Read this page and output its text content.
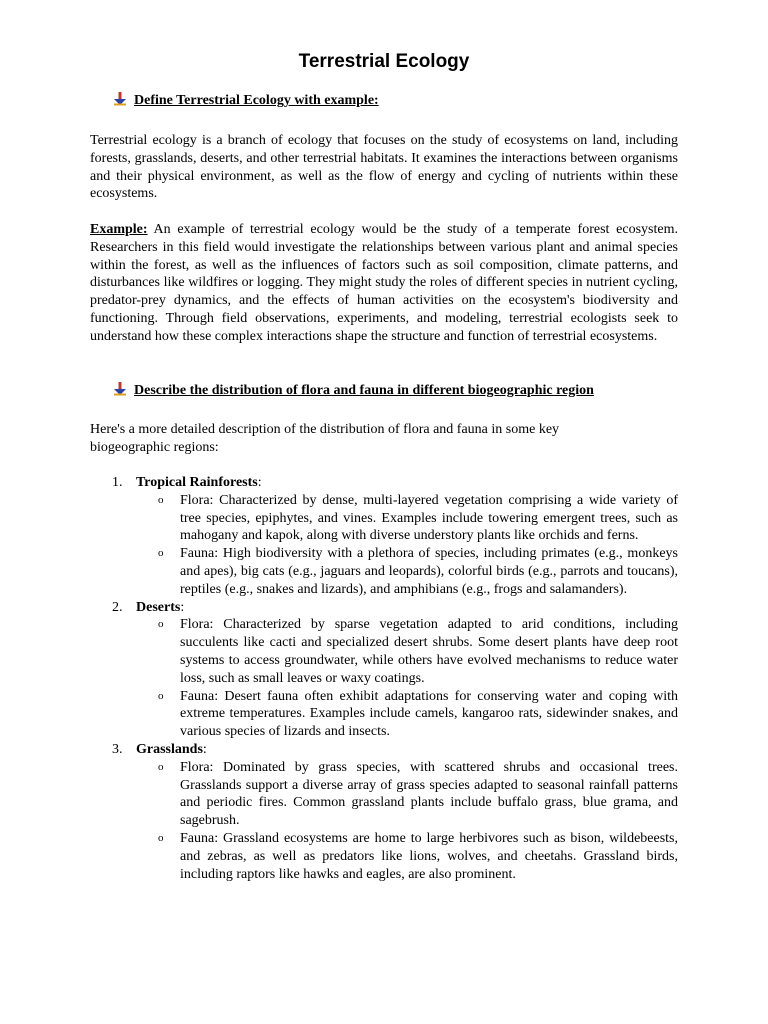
Terrestrial Ecology
Define Terrestrial Ecology with example:
Terrestrial ecology is a branch of ecology that focuses on the study of ecosystems on land, including forests, grasslands, deserts, and other terrestrial habitats. It examines the interactions between organisms and their physical environment, as well as the flow of energy and cycling of nutrients within these ecosystems.
Example: An example of terrestrial ecology would be the study of a temperate forest ecosystem. Researchers in this field would investigate the relationships between various plant and animal species within the forest, as well as the influences of factors such as soil composition, climate patterns, and disturbances like wildfires or logging. They might study the roles of different species in nutrient cycling, predator-prey dynamics, and the effects of human activities on the ecosystem's biodiversity and functioning. Through field observations, experiments, and modeling, terrestrial ecologists seek to understand how these complex interactions shape the structure and function of terrestrial ecosystems.
Describe the distribution of flora and fauna in different biogeographic region
Here's a more detailed description of the distribution of flora and fauna in some key biogeographic regions:
1. Tropical Rainforests:
o Flora: Characterized by dense, multi-layered vegetation comprising a wide variety of tree species, epiphytes, and vines. Examples include towering emergent trees, such as mahogany and kapok, along with diverse understory plants like orchids and ferns.
o Fauna: High biodiversity with a plethora of species, including primates (e.g., monkeys and apes), big cats (e.g., jaguars and leopards), colorful birds (e.g., parrots and toucans), reptiles (e.g., snakes and lizards), and amphibians (e.g., frogs and salamanders).
2. Deserts:
o Flora: Characterized by sparse vegetation adapted to arid conditions, including succulents like cacti and specialized desert shrubs. Some desert plants have deep root systems to access groundwater, while others have evolved mechanisms to reduce water loss, such as small leaves or waxy coatings.
o Fauna: Desert fauna often exhibit adaptations for conserving water and coping with extreme temperatures. Examples include camels, kangaroo rats, sidewinder snakes, and various species of lizards and insects.
3. Grasslands:
o Flora: Dominated by grass species, with scattered shrubs and occasional trees. Grasslands support a diverse array of grass species adapted to seasonal rainfall patterns and periodic fires. Common grassland plants include buffalo grass, blue grama, and sagebrush.
o Fauna: Grassland ecosystems are home to large herbivores such as bison, wildebeests, and zebras, as well as predators like lions, wolves, and cheetahs. Grassland birds, including raptors like hawks and eagles, are also prominent.
